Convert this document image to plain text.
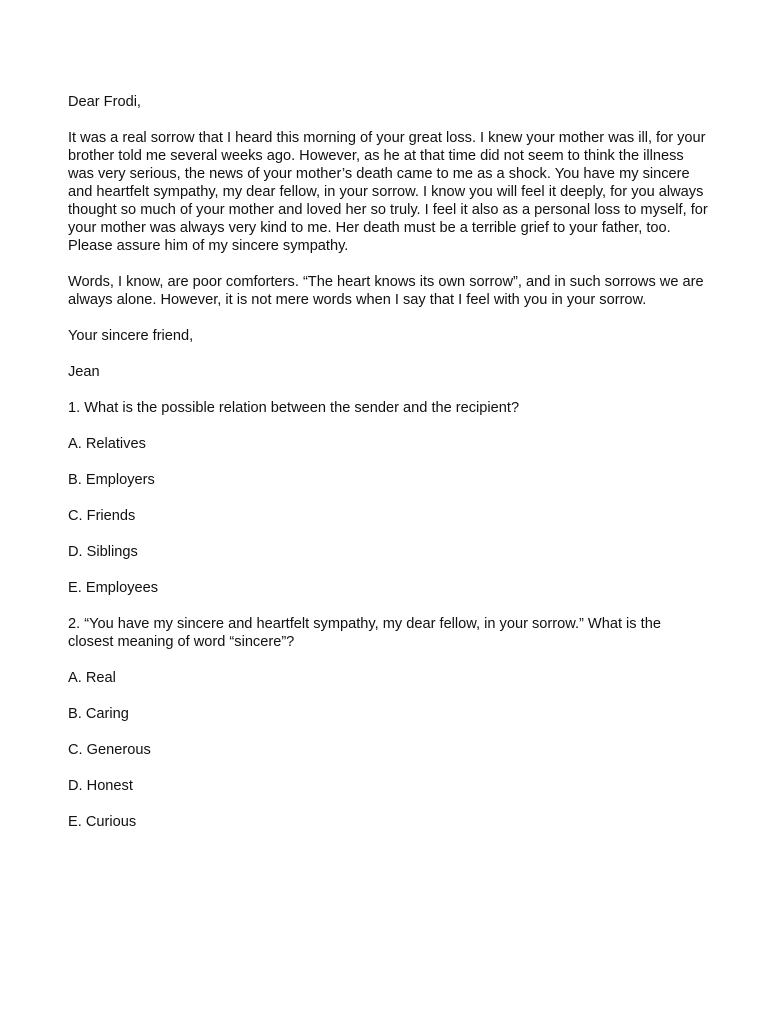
Dear Frodi,

It was a real sorrow that I heard this morning of your great loss. I knew your mother was ill, for your brother told me several weeks ago. However, as he at that time did not seem to think the illness was very serious, the news of your mother’s death came to me as a shock. You have my sincere and heartfelt sympathy, my dear fellow, in your sorrow. I know you will feel it deeply, for you always thought so much of your mother and loved her so truly. I feel it also as a personal loss to myself, for your mother was always very kind to me. Her death must be a terrible grief to your father, too. Please assure him of my sincere sympathy.

Words, I know, are poor comforters. “The heart knows its own sorrow”, and in such sorrows we are always alone. However, it is not mere words when I say that I feel with you in your sorrow.

Your sincere friend,

Jean

1. What is the possible relation between the sender and the recipient?

A. Relatives

B. Employers

C. Friends

D. Siblings

E. Employees

2. “You have my sincere and heartfelt sympathy, my dear fellow, in your sorrow.” What is the closest meaning of word “sincere”?

A. Real

B. Caring

C. Generous

D. Honest

E. Curious
